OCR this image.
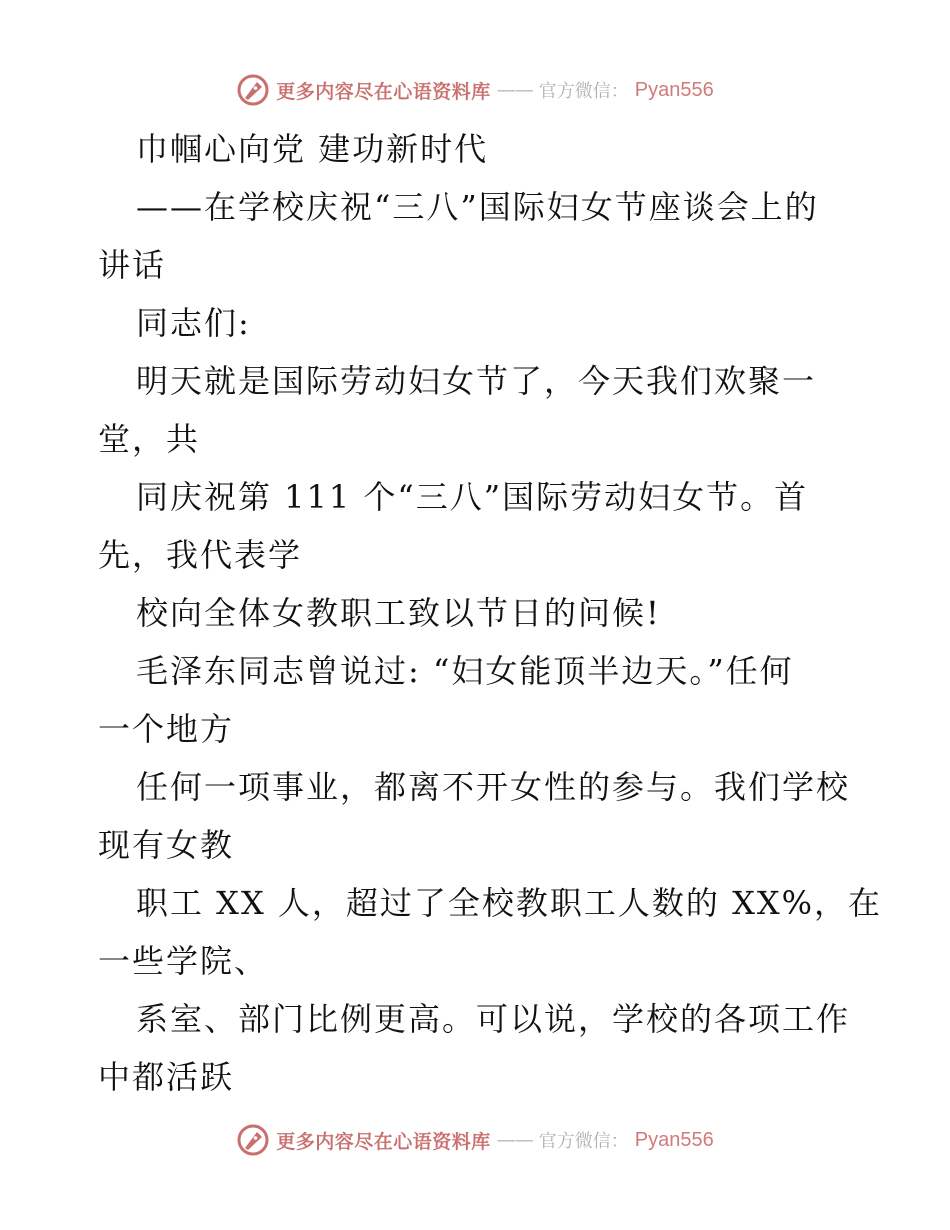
更多内容尽在心语资料库 —— 官方微信： Pyan556
巾帼心向党 建功新时代
——在学校庆祝“三八”国际妇女节座谈会上的
讲话
同志们:
明天就是国际劳动妇女节了，今天我们欢聚一
堂，共
同庆祝第 111 个“三八”国际劳动妇女节。首
先，我代表学
校向全体女教职工致以节日的问候!
毛泽东同志曾说过: “妇女能顶半边天。”任何
一个地方
任何一项事业，都离不开女性的参与。我们学校
现有女教
职工 XX 人，超过了全校教职工人数的 XX%，在
一些学院、
系室、部门比例更高。可以说，学校的各项工作
中都活跃
更多内容尽在心语资料库 —— 官方微信： Pyan556
